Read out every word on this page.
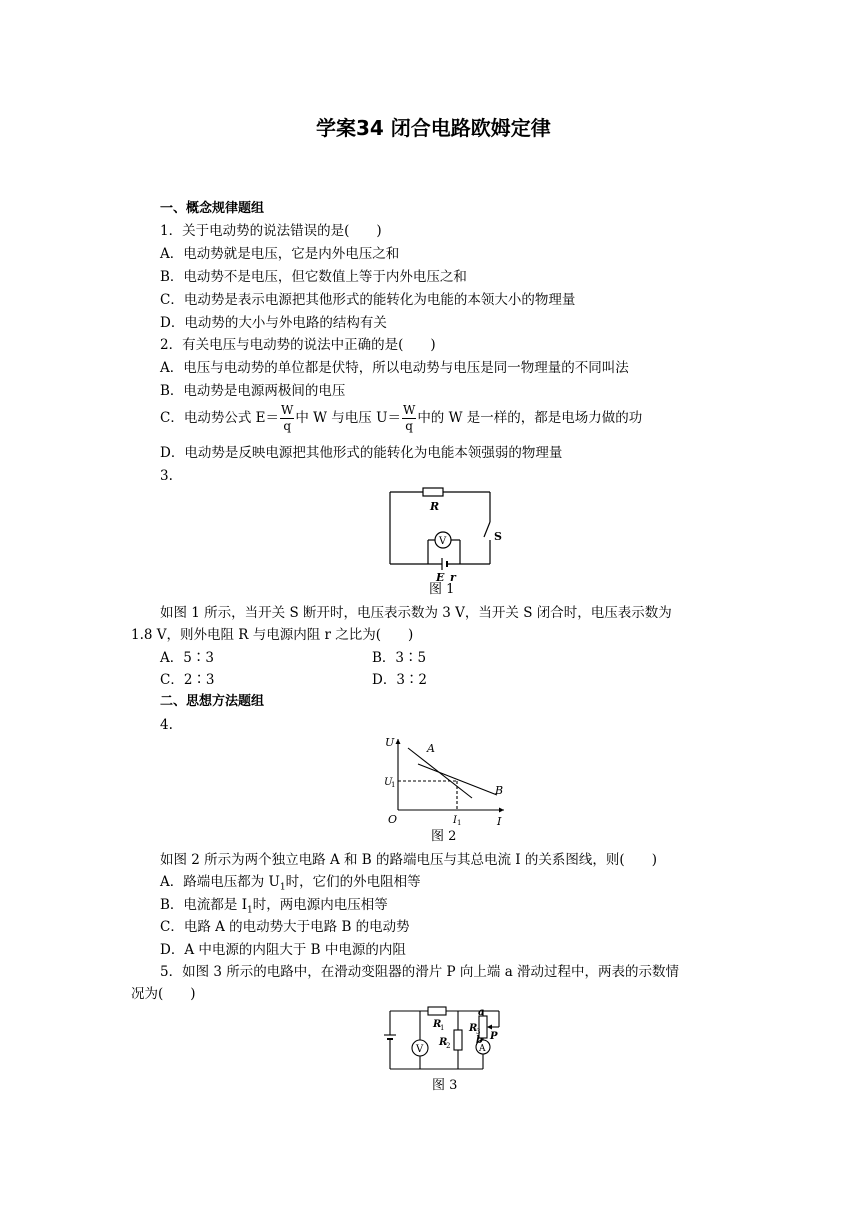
学案34 闭合电路欧姆定律
一、概念规律题组
1．关于电动势的说法错误的是(　　)
A．电动势就是电压，它是内外电压之和
B．电动势不是电压，但它数值上等于内外电压之和
C．电动势是表示电源把其他形式的能转化为电能的本领大小的物理量
D．电动势的大小与外电路的结构有关
2．有关电压与电动势的说法中正确的是(　　)
A．电压与电动势的单位都是伏特，所以电动势与电压是同一物理量的不同叫法
B．电动势是电源两极间的电压
C．电动势公式 $E= \frac{W}{q}$ 中 W 与电压 $U= \frac{W}{q}$ 中的 W 是一样的，都是电场力做的功
D．电动势是反映电源把其他形式的能转化为电能本领强弱的物理量
3.
R
V	S
E r
图 1
如图 1 所示，当开关 S 断开时，电压表示数为 3 V，当开关 S 闭合时，电压表示数为
1.8 V，则外电阻 R 与电源内阻 r 之比为(　　)
A．5∶3	B．3∶5
C．2∶3	D．3∶2
二、思想方法题组
4.
U
I
O
A
B
U
1
I 1
图 2
如图 2 所示为两个独立电路 A 和 B 的路端电压与其总电流 I 的关系图线，则(　　)
A．路端电压都为 $U_1$时，它们的外电阻相等
B．电流都是 $I_1$时，两电源内电压相等
C．电路 A 的电动势大于电路 B 的电动势
D．A 中电源的内阻大于 B 中电源的内阻
5．如图 3 所示的电路中，在滑动变阻器的滑片 P 向上端 a 滑动过程中，两表的示数情
况为(　　)
R
1
R
2
R
3
a
b P
V	A
图 3
